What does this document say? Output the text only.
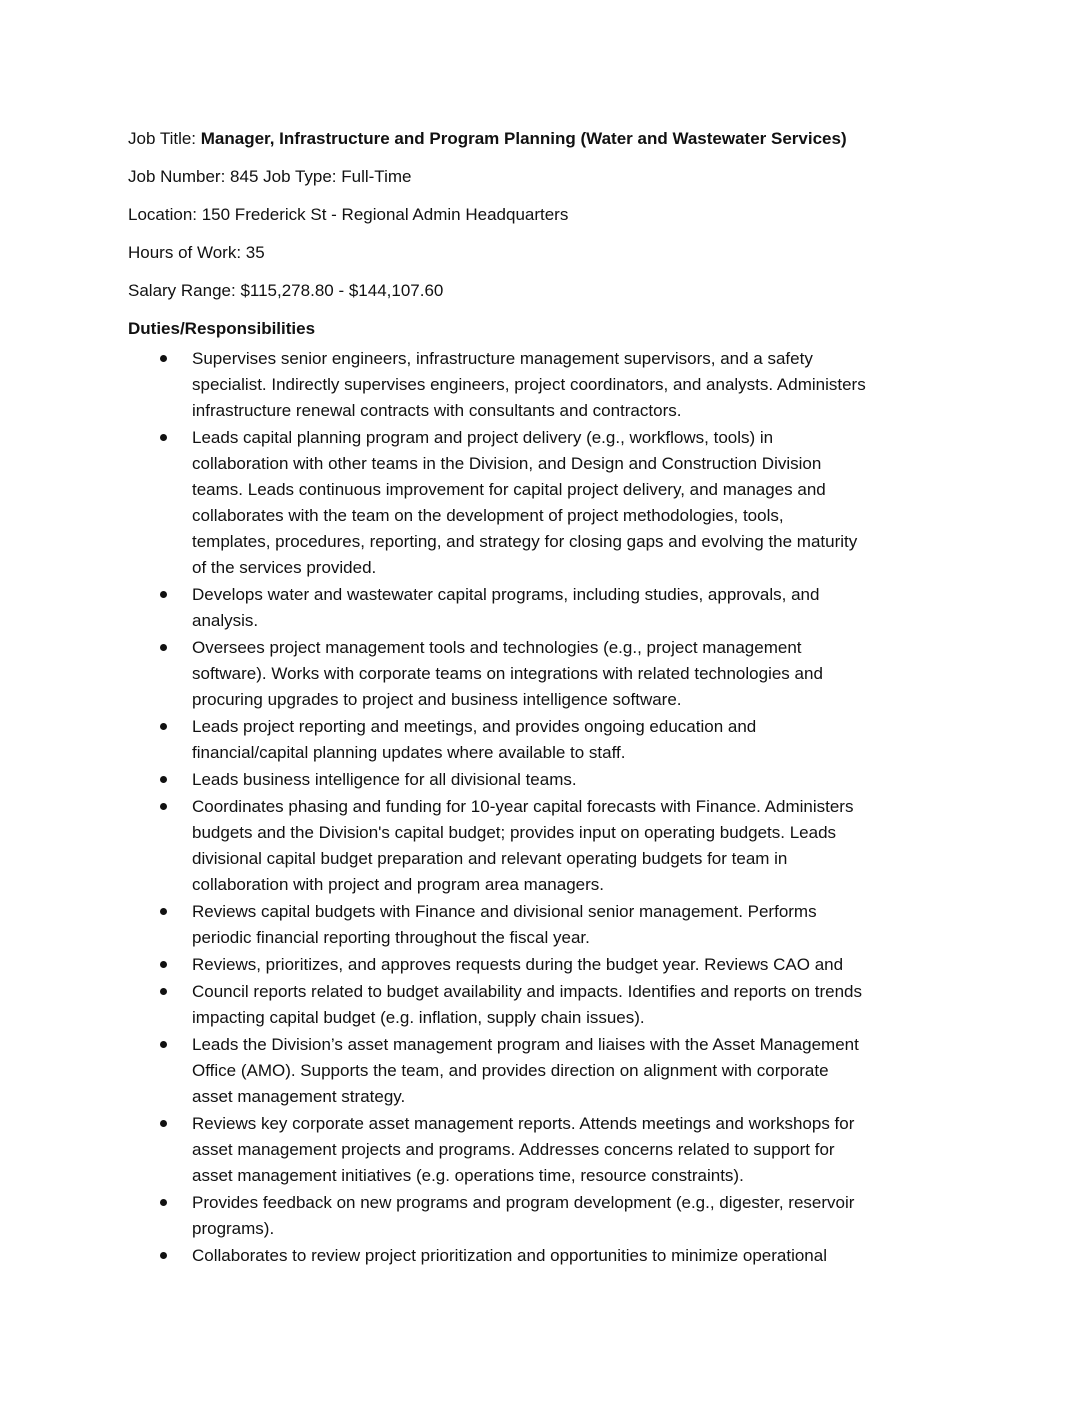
Job Title: Manager, Infrastructure and Program Planning (Water and Wastewater Services)
Job Number: 845 Job Type: Full-Time
Location: 150 Frederick St - Regional Admin Headquarters
Hours of Work: 35
Salary Range: $115,278.80 - $144,107.60
Duties/Responsibilities
Supervises senior engineers, infrastructure management supervisors, and a safety
specialist. Indirectly supervises engineers, project coordinators, and analysts. Administers
infrastructure renewal contracts with consultants and contractors.
Leads capital planning program and project delivery (e.g., workflows, tools) in
collaboration with other teams in the Division, and Design and Construction Division
teams. Leads continuous improvement for capital project delivery, and manages and
collaborates with the team on the development of project methodologies, tools,
templates, procedures, reporting, and strategy for closing gaps and evolving the maturity
of the services provided.
Develops water and wastewater capital programs, including studies, approvals, and
analysis.
Oversees project management tools and technologies (e.g., project management
software). Works with corporate teams on integrations with related technologies and
procuring upgrades to project and business intelligence software.
Leads project reporting and meetings, and provides ongoing education and
financial/capital planning updates where available to staff.
Leads business intelligence for all divisional teams.
Coordinates phasing and funding for 10-year capital forecasts with Finance. Administers
budgets and the Division's capital budget; provides input on operating budgets. Leads
divisional capital budget preparation and relevant operating budgets for team in
collaboration with project and program area managers.
Reviews capital budgets with Finance and divisional senior management. Performs
periodic financial reporting throughout the fiscal year.
Reviews, prioritizes, and approves requests during the budget year. Reviews CAO and
Council reports related to budget availability and impacts. Identifies and reports on trends
impacting capital budget (e.g. inflation, supply chain issues).
Leads the Division’s asset management program and liaises with the Asset Management
Office (AMO). Supports the team, and provides direction on alignment with corporate
asset management strategy.
Reviews key corporate asset management reports. Attends meetings and workshops for
asset management projects and programs. Addresses concerns related to support for
asset management initiatives (e.g. operations time, resource constraints).
Provides feedback on new programs and program development (e.g., digester, reservoir
programs).
Collaborates to review project prioritization and opportunities to minimize operational
